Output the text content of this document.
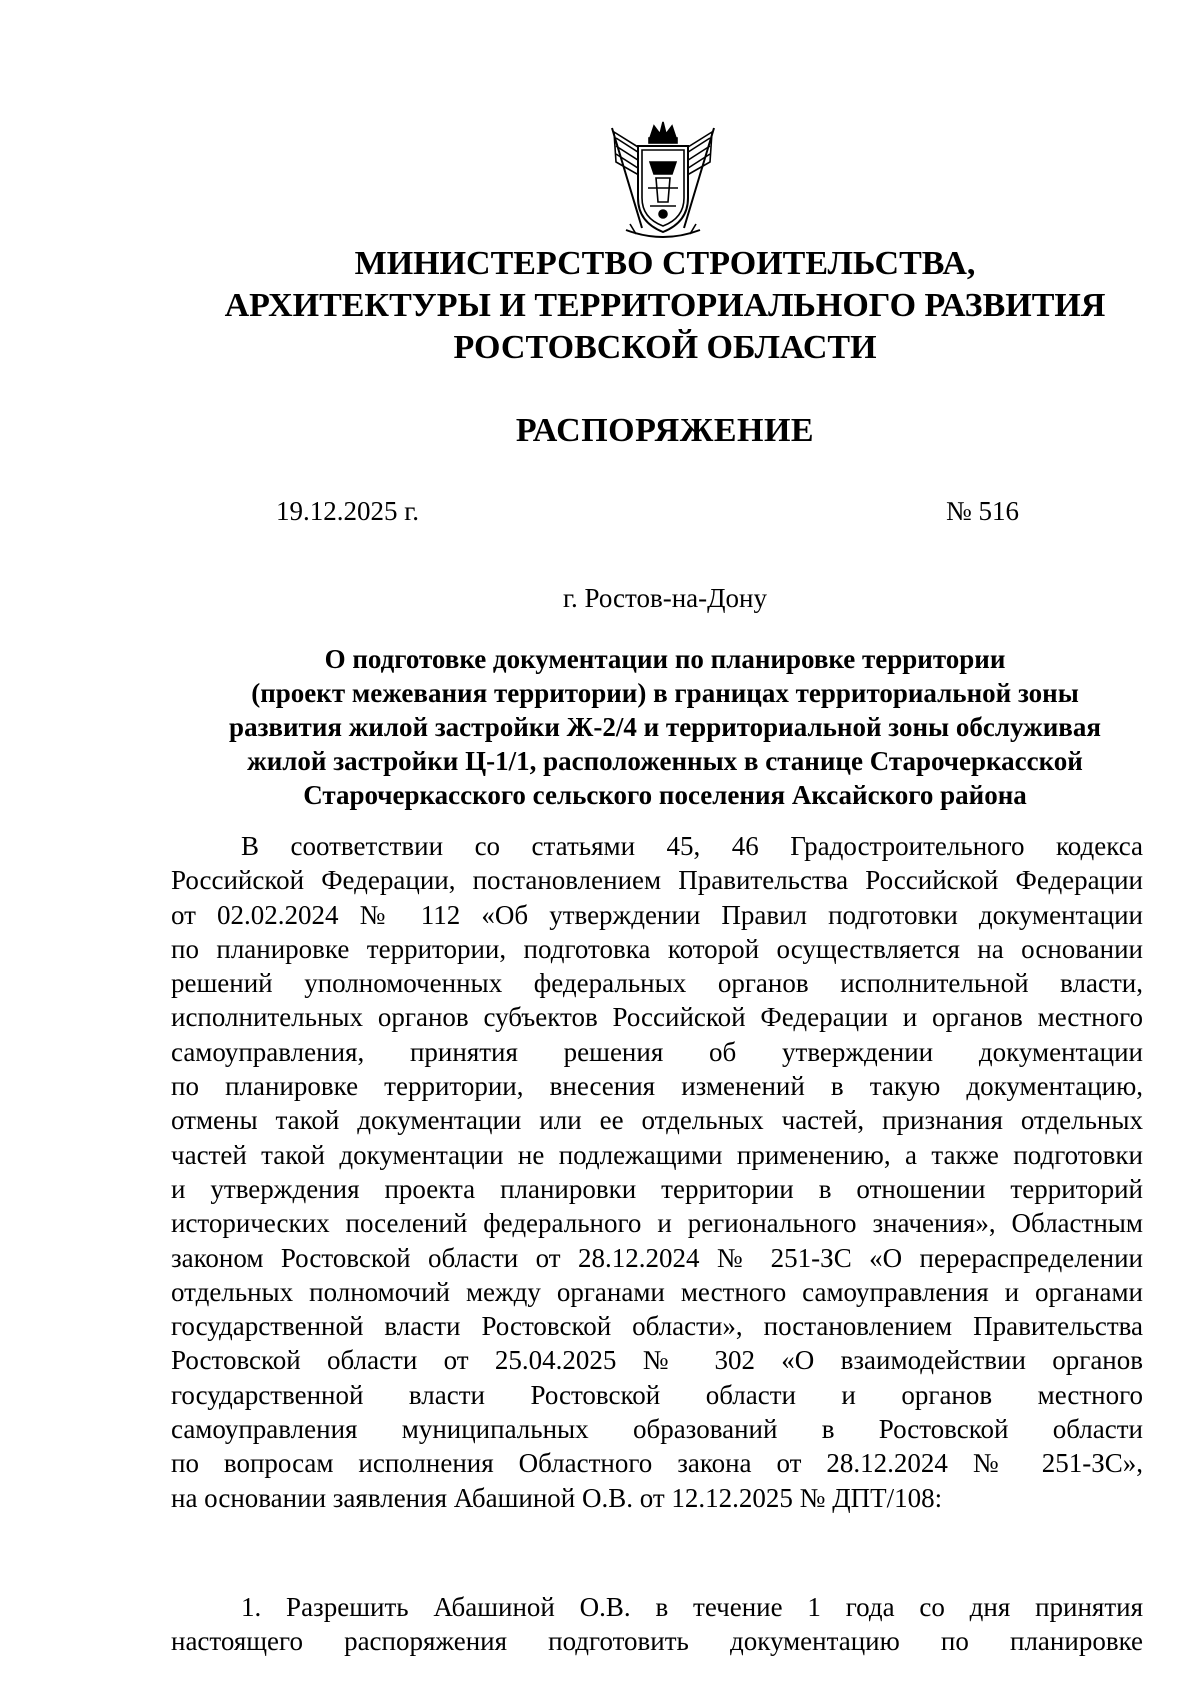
МИНИСТЕРСТВО СТРОИТЕЛЬСТВА,
АРХИТЕКТУРЫ И ТЕРРИТОРИАЛЬНОГО РАЗВИТИЯ
РОСТОВСКОЙ ОБЛАСТИ
РАСПОРЯЖЕНИЕ
19.12.2025 г.	№ 516
г. Ростов-на-Дону
О подготовке документации по планировке территории
(проект межевания территории) в границах территориальной зоны
развития жилой застройки Ж-2/4 и территориальной зоны обслуживая
жилой застройки Ц-1/1, расположенных в станице Старочеркасской
Старочеркасского сельского поселения Аксайского района
В соответствии со статьями 45, 46 Градостроительного кодекса
Российской Федерации, постановлением Правительства Российской Федерации
от 02.02.2024 № 112 «Об утверждении Правил подготовки документации
по планировке территории, подготовка которой осуществляется на основании
решений уполномоченных федеральных органов исполнительной власти,
исполнительных органов субъектов Российской Федерации и органов местного
самоуправления, принятия решения об утверждении документации
по планировке территории, внесения изменений в такую документацию,
отмены такой документации или ее отдельных частей, признания отдельных
частей такой документации не подлежащими применению, а также подготовки
и утверждения проекта планировки территории в отношении территорий
исторических поселений федерального и регионального значения», Областным
законом Ростовской области от 28.12.2024 № 251-ЗС «О перераспределении
отдельных полномочий между органами местного самоуправления и органами
государственной власти Ростовской области», постановлением Правительства
Ростовской области от 25.04.2025 № 302 «О взаимодействии органов
государственной власти Ростовской области и органов местного
самоуправления муниципальных образований в Ростовской области
по вопросам исполнения Областного закона от 28.12.2024 № 251-ЗС»,
на основании заявления Абашиной О.В. от 12.12.2025 № ДПТ/108:
1. Разрешить Абашиной О.В. в течение 1 года со дня принятия
настоящего распоряжения подготовить документацию по планировке
